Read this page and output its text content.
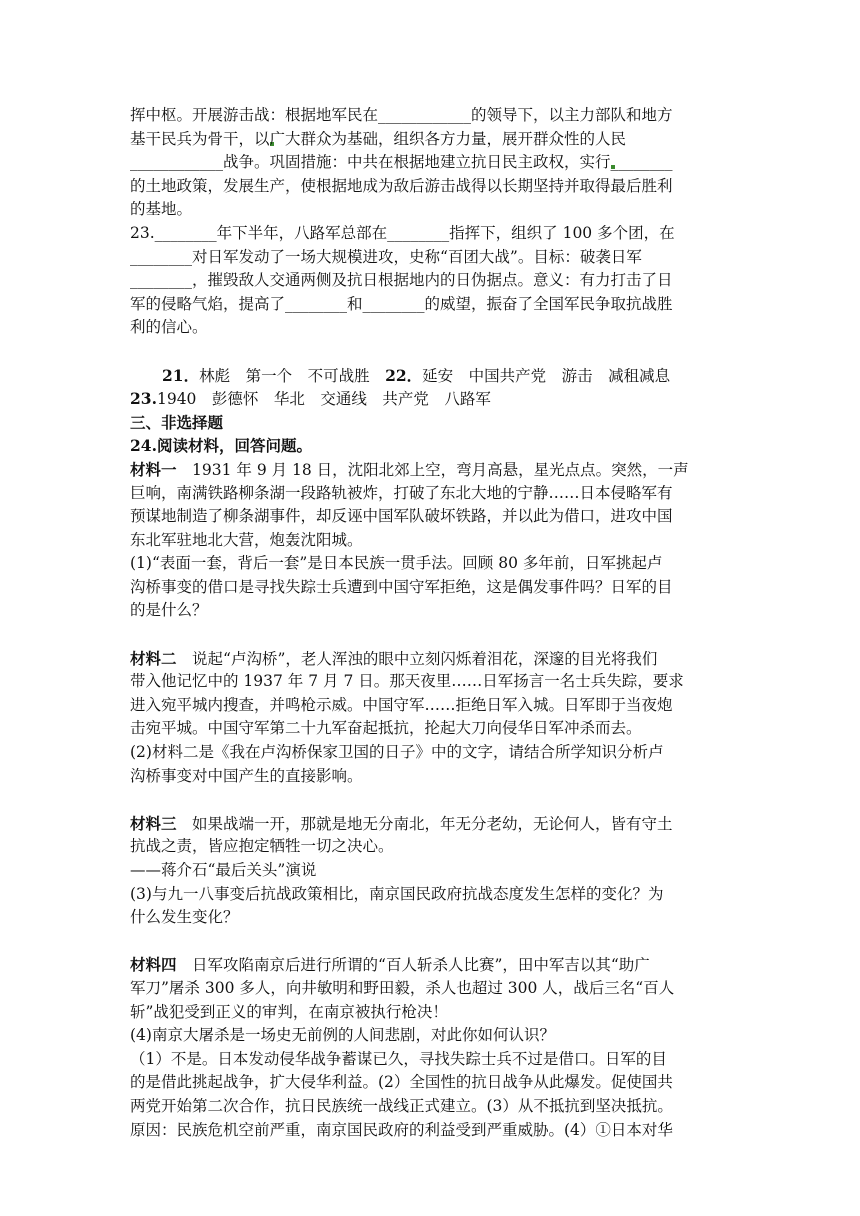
挥中枢。开展游击战：根据地军民在____________的领导下，以主力部队和地方
基干民兵为骨干，以广大群众为基础，组织各方力量，展开群众性的人民
____________战争。巩固措施：中共在根据地建立抗日民主政权，实行________
的土地政策，发展生产，使根据地成为敌后游击战得以长期坚持并取得最后胜利
的基地。
23.________年下半年，八路军总部在________指挥下，组织了 100 多个团，在
________对日军发动了一场大规模进攻，史称“百团大战”。目标：破袭日军
________，摧毁敌人交通两侧及抗日根据地内的日伪据点。意义：有力打击了日
军的侵略气焰，提高了________和________的威望，振奋了全国军民争取抗战胜
利的信心。
21．林彪　第一个　不可战胜　22．延安　中国共产党　游击　减租减息
23.1940　彭德怀　华北　交通线　共产党　八路军
三、非选择题
24.阅读材料，回答问题。
材料一　1931 年 9 月 18 日，沈阳北郊上空，弯月高悬，星光点点。突然，一声
巨响，南满铁路柳条湖一段路轨被炸，打破了东北大地的宁静……日本侵略军有
预谋地制造了柳条湖事件，却反诬中国军队破坏铁路，并以此为借口，进攻中国
东北军驻地北大营，炮轰沈阳城。
(1)“表面一套，背后一套”是日本民族一贯手法。回顾 80 多年前，日军挑起卢
沟桥事变的借口是寻找失踪士兵遭到中国守军拒绝，这是偶发事件吗？日军的目
的是什么？
材料二　说起“卢沟桥”，老人浑浊的眼中立刻闪烁着泪花，深邃的目光将我们
带入他记忆中的 1937 年 7 月 7 日。那天夜里……日军扬言一名士兵失踪，要求
进入宛平城内搜查，并鸣枪示威。中国守军……拒绝日军入城。日军即于当夜炮
击宛平城。中国守军第二十九军奋起抵抗，抡起大刀向侵华日军冲杀而去。
(2)材料二是《我在卢沟桥保家卫国的日子》中的文字，请结合所学知识分析卢
沟桥事变对中国产生的直接影响。
材料三　如果战端一开，那就是地无分南北，年无分老幼，无论何人，皆有守土
抗战之责，皆应抱定牺牲一切之决心。
——蒋介石“最后关头”演说
(3)与九一八事变后抗战政策相比，南京国民政府抗战态度发生怎样的变化？为
什么发生变化？
材料四　日军攻陷南京后进行所谓的“百人斩杀人比赛”，田中军吉以其“助广
军刀”屠杀 300 多人，向井敏明和野田毅，杀人也超过 300 人，战后三名“百人
斩”战犯受到正义的审判，在南京被执行枪决！
(4)南京大屠杀是一场史无前例的人间悲剧，对此你如何认识？
（1）不是。日本发动侵华战争蓄谋已久，寻找失踪士兵不过是借口。日军的目
的是借此挑起战争，扩大侵华利益。(2）全国性的抗日战争从此爆发。促使国共
两党开始第二次合作，抗日民族统一战线正式建立。(3）从不抵抗到坚决抵抗。
原因：民族危机空前严重，南京国民政府的利益受到严重威胁。(4）①日本对华
